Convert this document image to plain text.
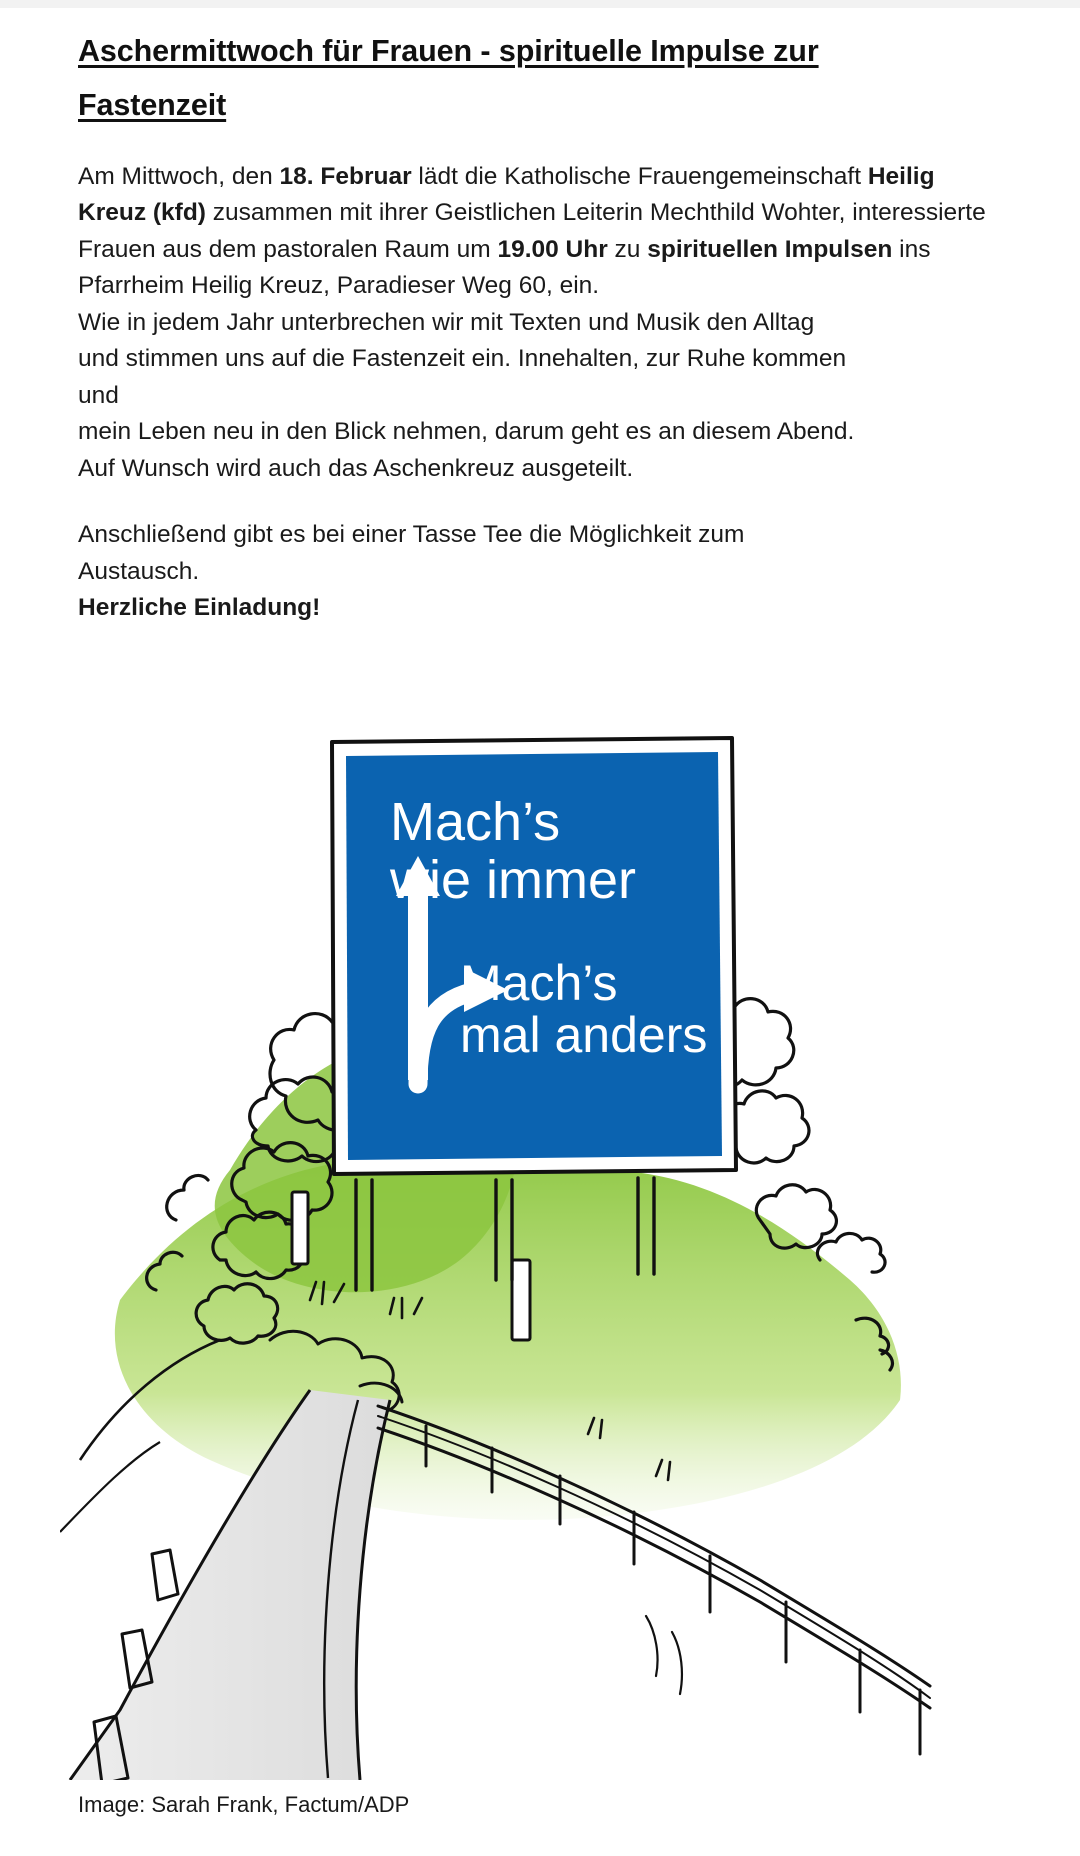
Aschermittwoch für Frauen - spirituelle Impulse zur
Fastenzeit

Am Mittwoch, den 18. Februar lädt die Katholische Frauengemeinschaft Heilig Kreuz (kfd) zusammen mit ihrer Geistlichen Leiterin Mechthild Wohter, interessierte Frauen aus dem pastoralen Raum um 19.00 Uhr zu spirituellen Impulsen ins Pfarrheim Heilig Kreuz, Paradieser Weg 60, ein.

Wie in jedem Jahr unterbrechen wir mit Texten und Musik den Alltag
und stimmen uns auf die Fastenzeit ein. Innehalten, zur Ruhe kommen
und
mein Leben neu in den Blick nehmen, darum geht es an diesem Abend.
Auf Wunsch wird auch das Aschenkreuz ausgeteilt.

Anschließend gibt es bei einer Tasse Tee die Möglichkeit zum
Austausch.
Herzliche Einladung!

Mach’s
wie immer
Mach’s
mal anders
Image: Sarah Frank, Factum/ADP
